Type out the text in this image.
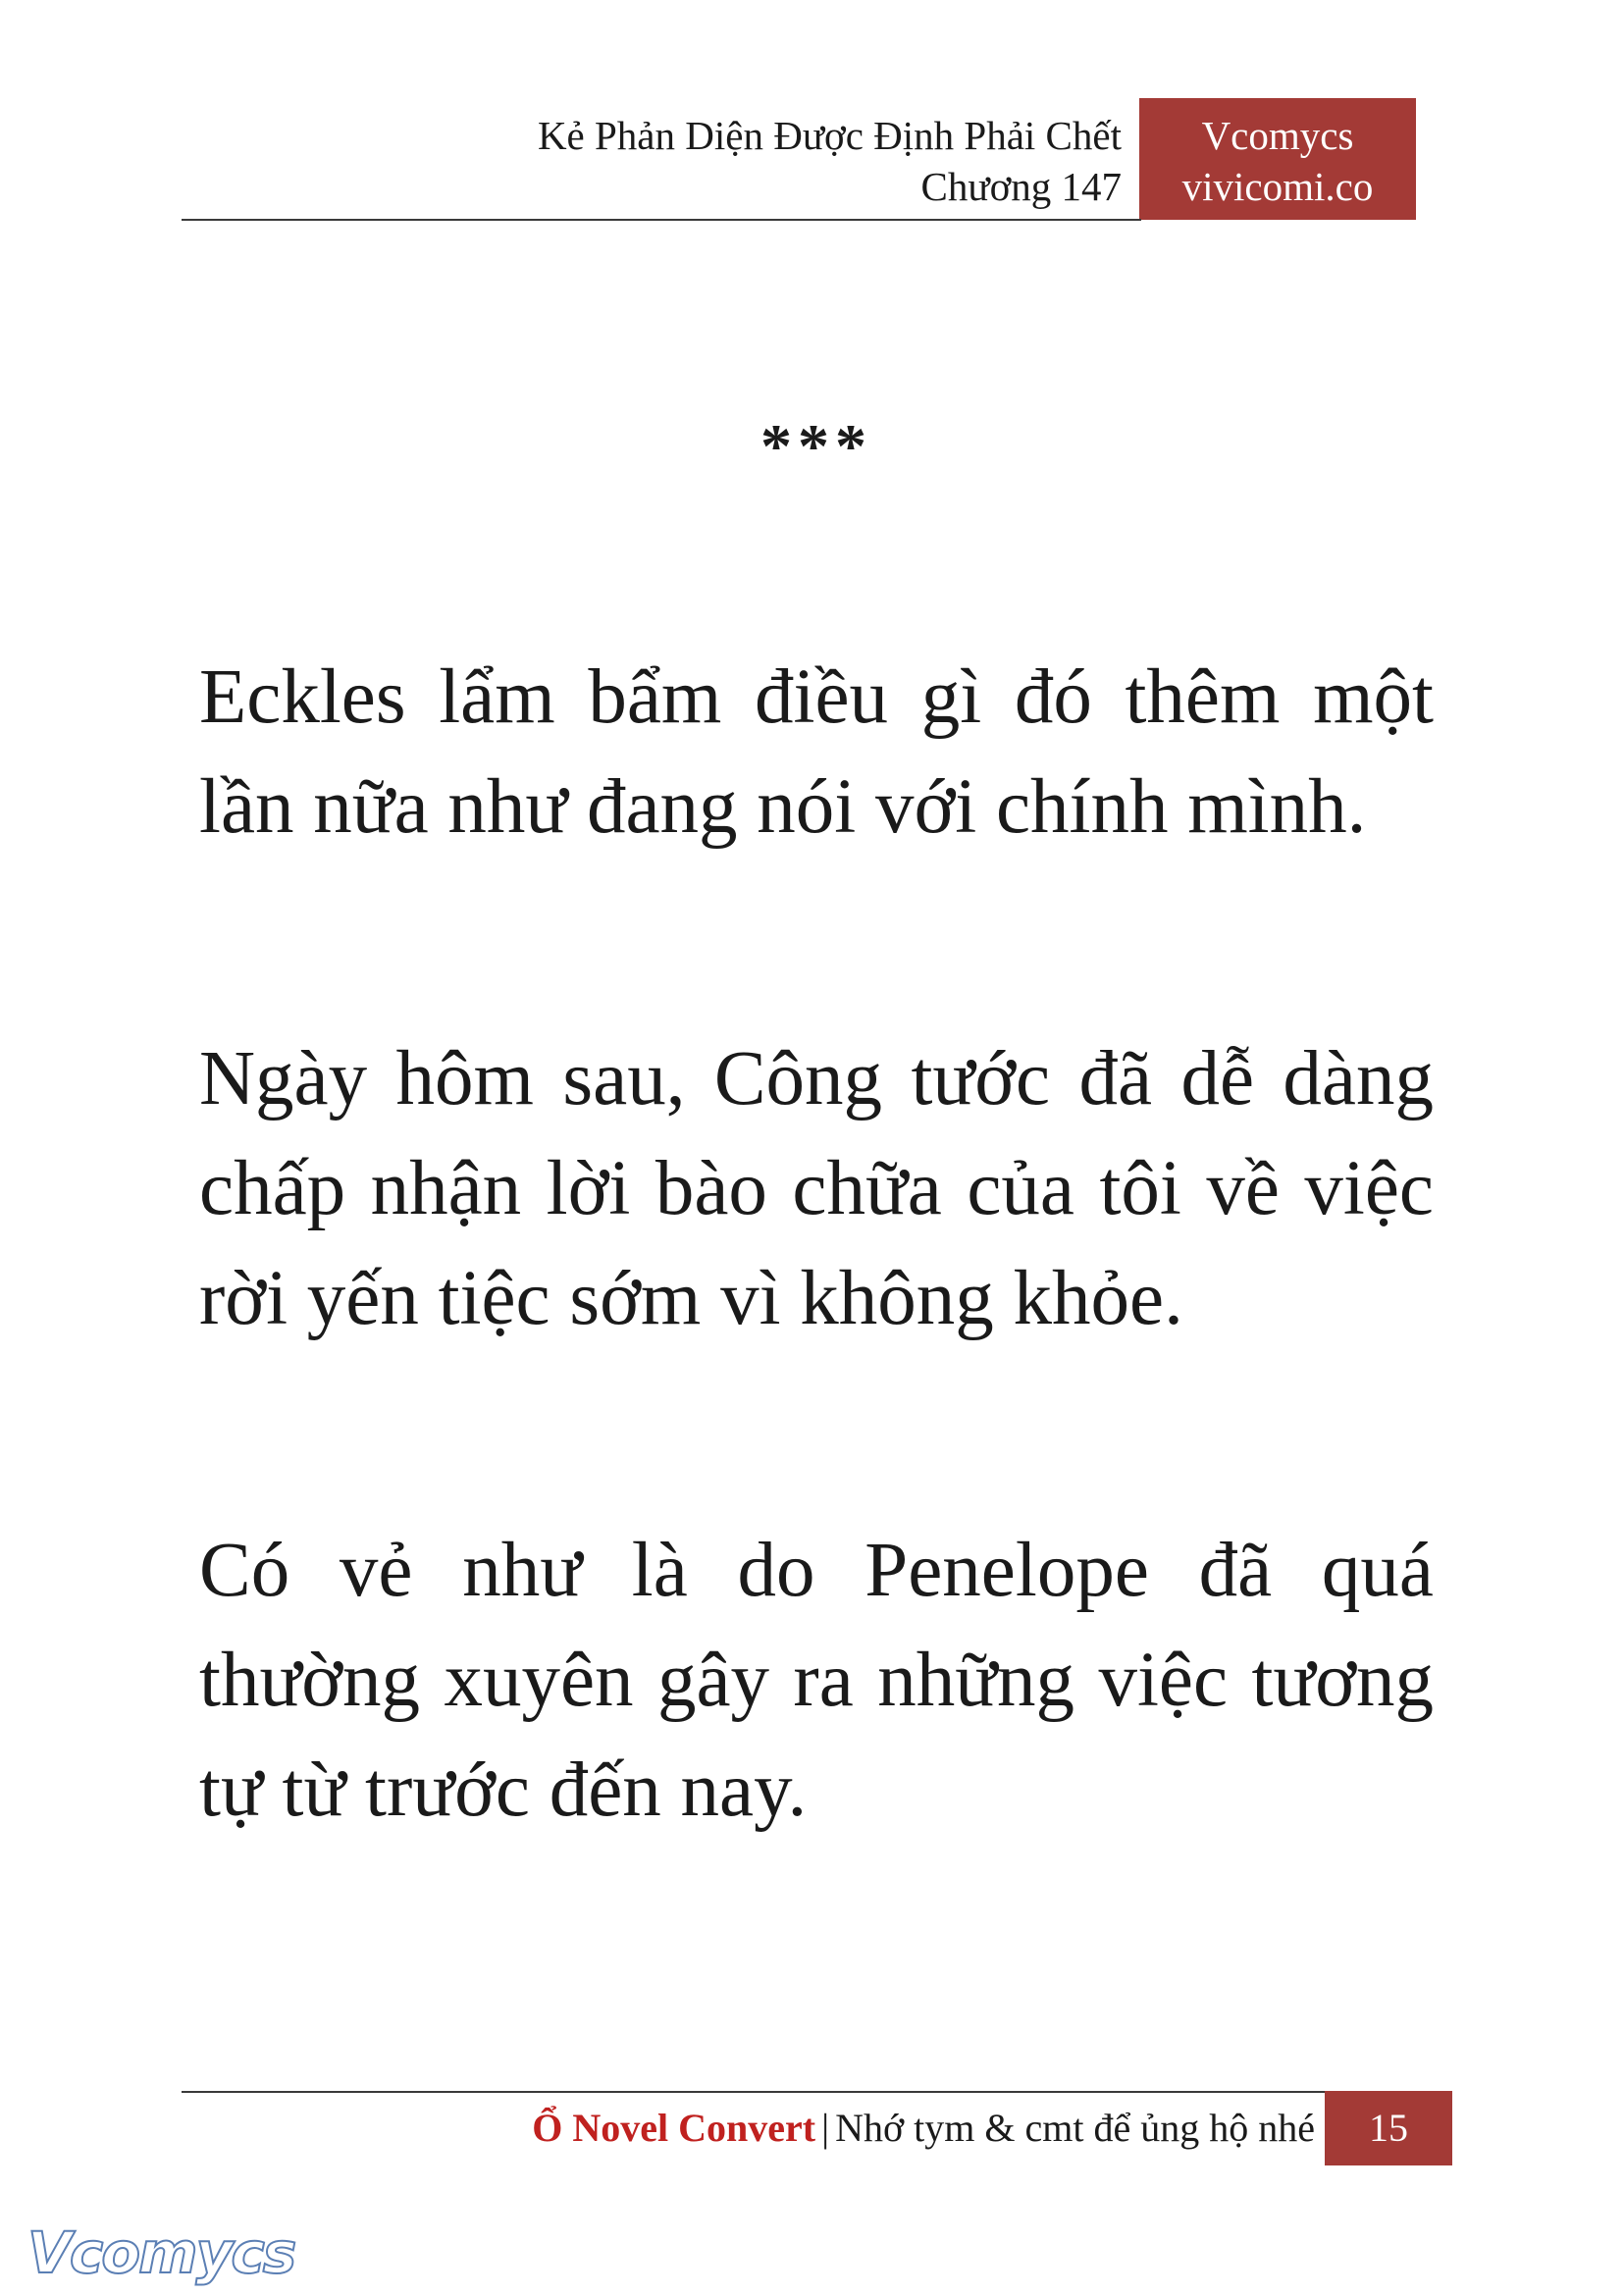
Kẻ Phản Diện Được Định Phải Chết
Chương 147
Vcomycs
vivicomi.co
***

Eckles lẩm bẩm điều gì đó thêm một lần nữa như đang nói với chính mình.

Ngày hôm sau, Công tước đã dễ dàng chấp nhận lời bào chữa của tôi về việc rời yến tiệc sớm vì không khỏe.

Có vẻ như là do Penelope đã quá thường xuyên gây ra những việc tương tự từ trước đến nay.

Ổ Novel Convert | Nhớ tym & cmt để ủng hộ nhé	15
Vcomycs
